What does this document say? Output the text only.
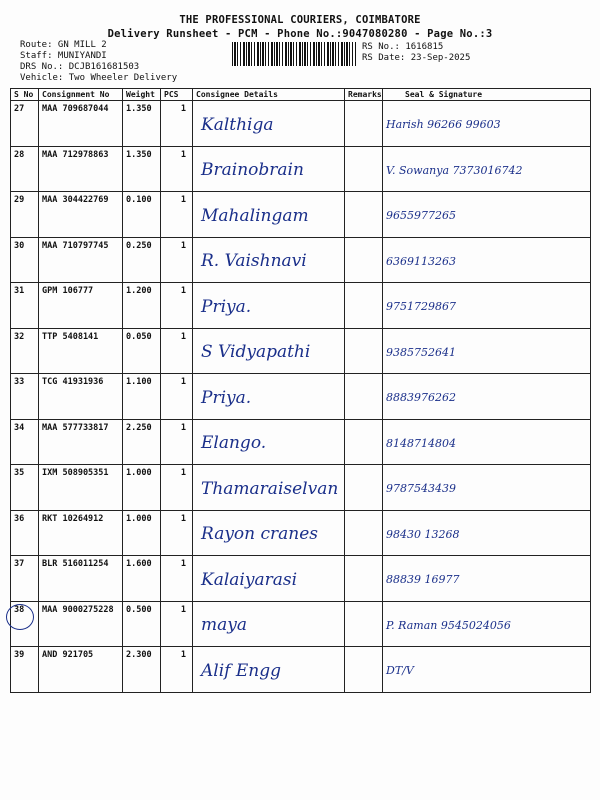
THE PROFESSIONAL COURIERS, COIMBATORE
Delivery Runsheet - PCM - Phone No.:9047080280 - Page No.:3
Route: GN MILL 2
Staff: MUNIYANDI
DRS No.: DCJB161681503
Vehicle: Two Wheeler Delivery
RS No.: 1616815
RS Date: 23-Sep-2025
S No	Consignment No	Weight	PCS	Consignee Details	Remarks	Seal & Signature
27	MAA 709687044	1.350	1	Kalthiga		Harish 96266 99603
28	MAA 712978863	1.350	1	Brainobrain		V. Sowanya 7373016742
29	MAA 304422769	0.100	1	Mahalingam		9655977265
30	MAA 710797745	0.250	1	R. Vaishnavi		6369113263
31	GPM 106777	1.200	1	Priya.		9751729867
32	TTP 5408141	0.050	1	S Vidyapathi		9385752641
33	TCG 41931936	1.100	1	Priya.		8883976262
34	MAA 577733817	2.250	1	Elango.		8148714804
35	IXM 508905351	1.000	1	Thamaraiselvan		9787543439
36	RKT 10264912	1.000	1	Rayon cranes		98430 13268
37	BLR 516011254	1.600	1	Kalaiyarasi		88839 16977
38	MAA 9000275228	0.500	1	maya		P. Raman 9545024056
39	AND 921705	2.300	1	Alif Engg		DT/V
